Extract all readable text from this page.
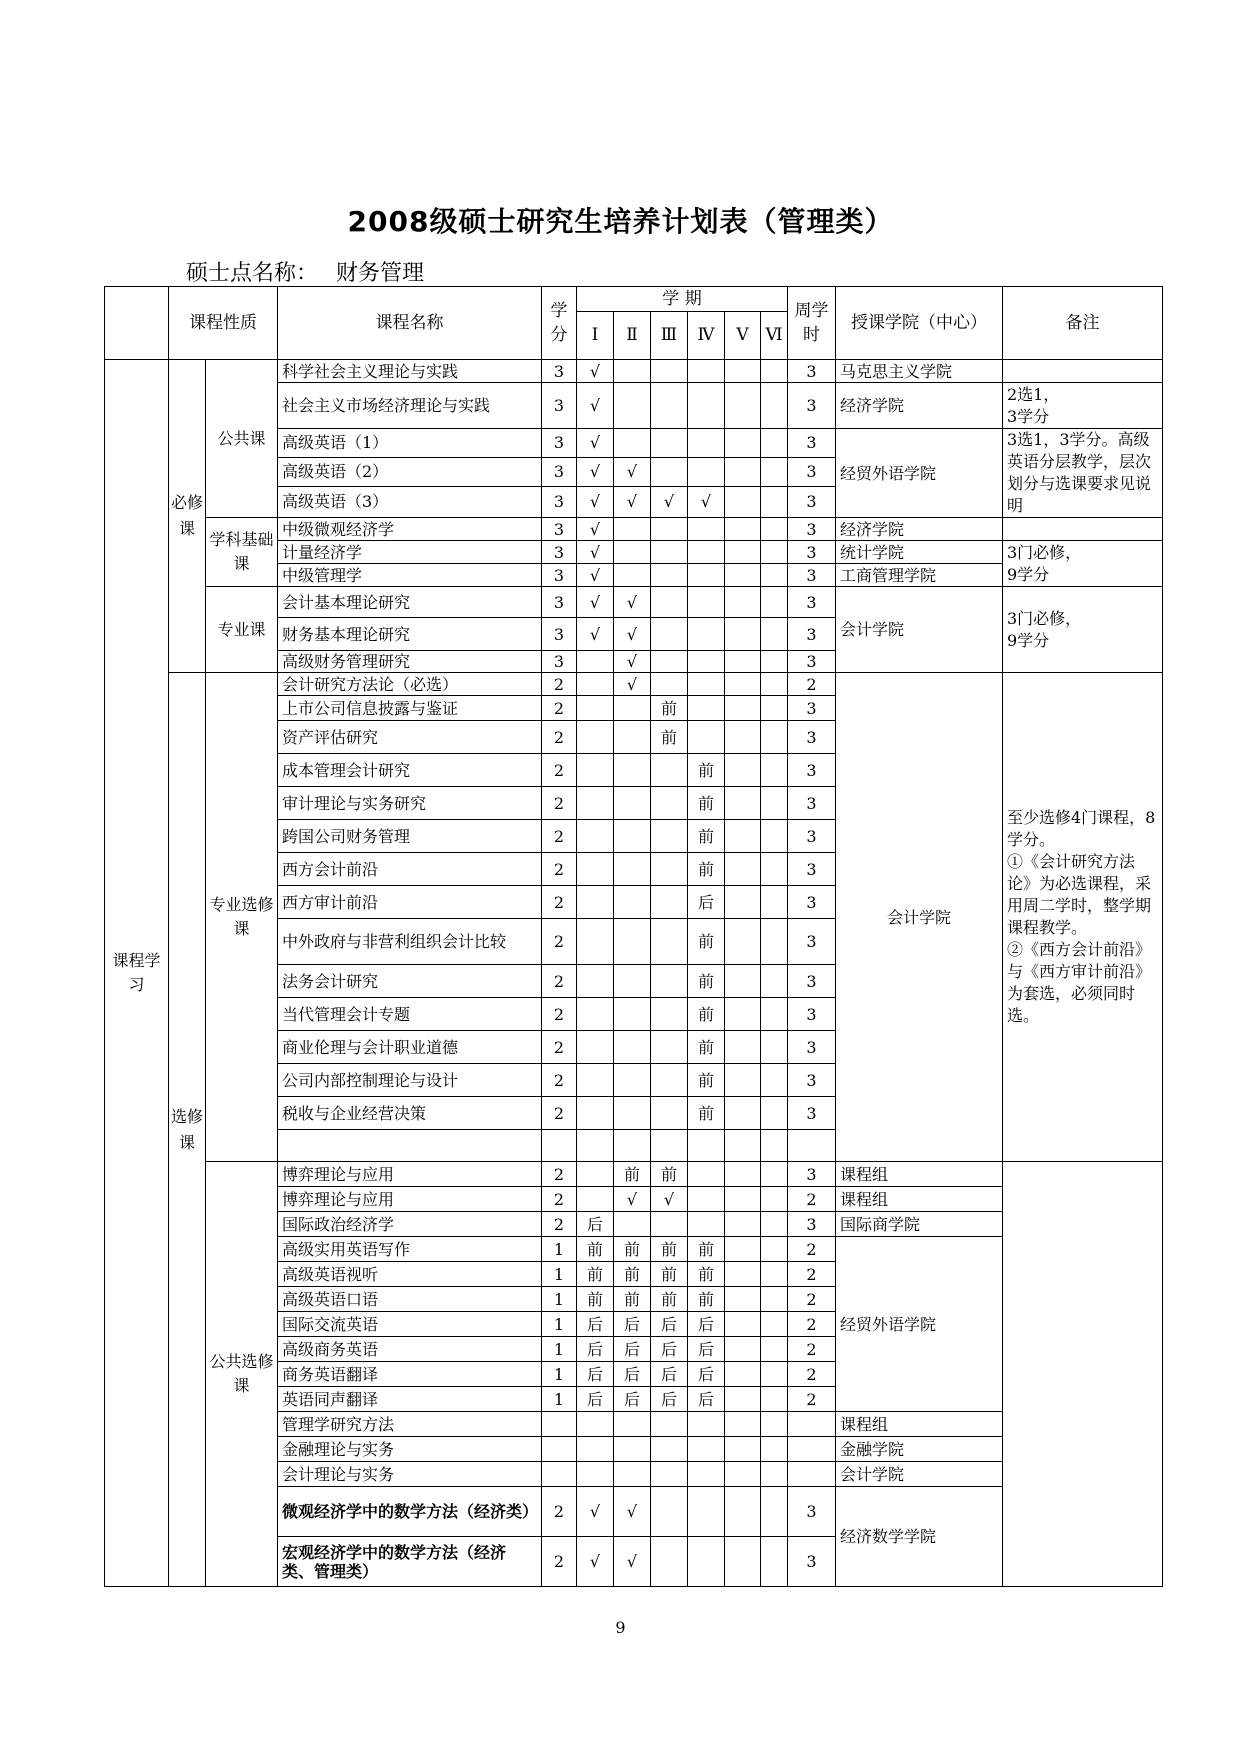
2008级硕士研究生培养计划表（管理类）
硕士点名称： 财务管理
	课程性质		课程名称	学分	学 期						周学时	授课学院（中心）	备注	
					Ⅰ	Ⅱ	Ⅲ	Ⅳ	Ⅴ	Ⅵ				
课程学习	必修课	公共课	科学社会主义理论与实践	3	√						3	马克思主义学院		
			社会主义市场经济理论与实践	3	√						3	经济学院	2选1，
3学分	
			高级英语（1）	3	√						3	经贸外语学院	3选1，3学分。高级英语分层教学，层次划分与选课要求见说明	
			高级英语（2）	3	√	√					3			
			高级英语（3）	3	√	√	√	√			3			
		学科基础课	中级微观经济学	3	√						3	经济学院		
			计量经济学	3	√						3	统计学院	3门必修，
9学分	
			中级管理学	3	√						3	工商管理学院		
		专业课	会计基本理论研究	3	√	√					3	会计学院	3门必修，
9学分	
			财务基本理论研究	3	√	√					3			
			高级财务管理研究	3		√					3			
	选修课	专业选修课	会计研究方法论（必选）	2		√					2	会计学院	至少选修4门课程，8学分。
①《会计研究方法论》为必选课程，采用周二学时，整学期课程教学。
②《西方会计前沿》与《西方审计前沿》为套选，必须同时选。	
			上市公司信息披露与鉴证	2			前				3			
			资产评估研究	2			前				3			
			成本管理会计研究	2				前			3			
			审计理论与实务研究	2				前			3			
			跨国公司财务管理	2				前			3			
			西方会计前沿	2				前			3			
			西方审计前沿	2				后			3			
			中外政府与非营利组织会计比较	2				前			3			
			法务会计研究	2				前			3			
			当代管理会计专题	2				前			3			
			商业伦理与会计职业道德	2				前			3			
			公司内部控制理论与设计	2				前			3			
			税收与企业经营决策	2				前			3			

		公共选修课	博弈理论与应用	2		前	前				3	课程组		
			博弈理论与应用	2		√	√				2	课程组		
			国际政治经济学	2	后						3	国际商学院		
			高级实用英语写作	1	前	前	前	前			2	经贸外语学院		
			高级英语视听	1	前	前	前	前			2			
			高级英语口语	1	前	前	前	前			2			
			国际交流英语	1	后	后	后	后			2			
			高级商务英语	1	后	后	后	后			2			
			商务英语翻译	1	后	后	后	后			2			
			英语同声翻译	1	后	后	后	后			2			
			管理学研究方法									课程组		
			金融理论与实务									金融学院		
			会计理论与实务									会计学院		
			微观经济学中的数学方法（经济类）	2	√	√					3	经济数学学院		
			宏观经济学中的数学方法（经济类、管理类）	2	√	√					3			
9
